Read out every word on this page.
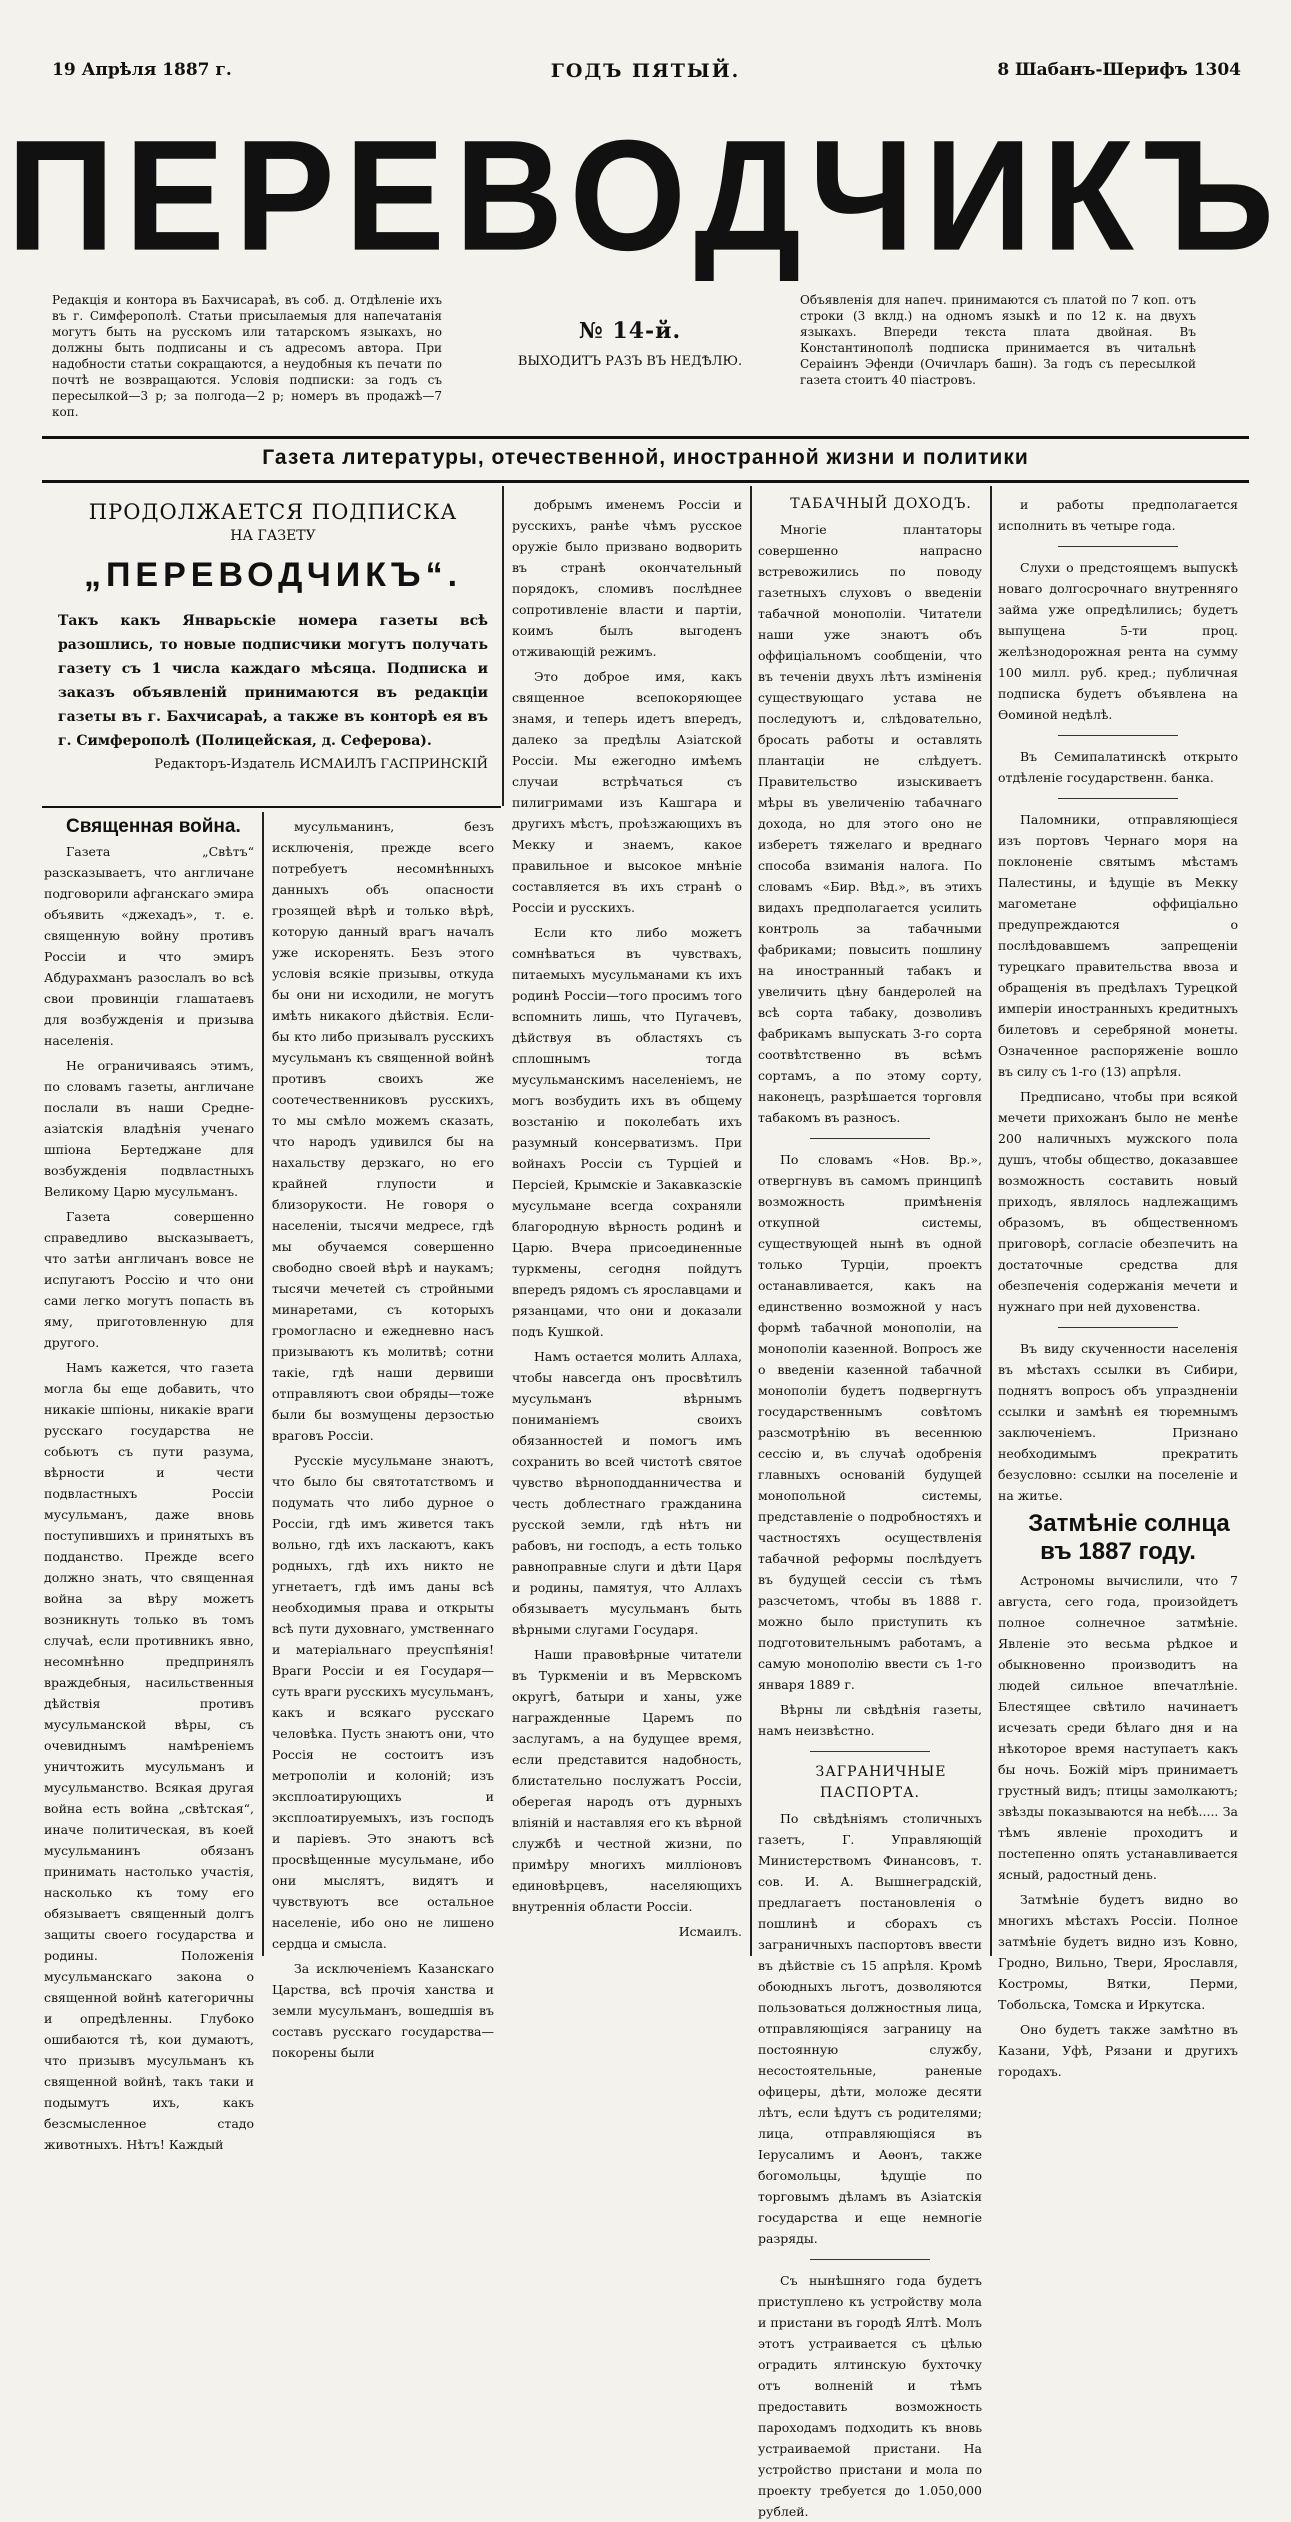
19 Апрѣля 1887 г.	ГОДЪ ПЯТЫЙ.	8 Шабанъ-Шерифъ 1304
ПЕРЕВОДЧИКЪ
Редакція и контора въ Бахчисараѣ, въ соб. д. Отдѣленіе ихъ въ г. Симферополѣ. Статьи присылаемыя для напечатанія могутъ быть на русскомъ или татарскомъ языкахъ, но должны быть подписаны и съ адресомъ автора. При надобности статьи сокращаются, а неудобныя къ печати по почтѣ не возвращаются. Условія подписки: за годъ съ пересылкой—3 р; за полгода—2 р; номеръ въ продажѣ—7 коп.
№ 14-й.
ВЫХОДИТЪ РАЗЪ ВЪ НЕДѢЛЮ.
Объявленія для напеч. принимаются съ платой по 7 коп. отъ строки (3 вклд.) на одномъ языкѣ и по 12 к. на двухъ языкахъ. Впереди текста плата двойная. Въ Константинополѣ подписка принимается въ читальнѣ Сераіинъ Эфенди (Очичларъ башн). За годъ съ пересылкой газета стоитъ 40 піастровъ.
Газета литературы, отечественной, иностранной жизни и политики
ПРОДОЛЖАЕТСЯ ПОДПИСКА
НА ГАЗЕТУ
„ПЕРЕВОДЧИКЪ“.
Такъ какъ Январьскіе номера газеты всѣ разошлись, то новые подписчики могутъ получать газету съ 1 числа каждаго мѣсяца. Подписка и заказъ объявленій принимаются въ редакціи газеты въ г. Бахчисараѣ, а также въ конторѣ ея въ г. Симферополѣ (Полицейская, д. Сеферова).
Редакторъ-Издатель ИСМАИЛЪ ГАСПРИНСКІЙ

Священная война.

Газета „Свѣтъ“ разсказываетъ, что англичане подговорили афганскаго эмира объявить «джехадъ», т. е. священную войну противъ Россіи и что эмиръ Абдурахманъ разослалъ во всѣ свои провинціи глашатаевъ для возбужденія и призыва населенія.

Не ограничиваясь этимъ, по словамъ газеты, англичане послали въ наши Средне-азіатскія владѣнія ученаго шпіона Бертеджане для возбужденія подвластныхъ Великому Царю мусульманъ.

Газета совершенно справедливо высказываетъ, что затѣи англичанъ вовсе не испугаютъ Россію и что они сами легко могутъ попасть въ яму, приготовленную для другого.

Намъ кажется, что газета могла бы еще добавить, что никакіе шпіоны, никакіе враги русскаго государства не собьютъ съ пути разума, вѣрности и чести подвластныхъ Россіи мусульманъ, даже вновь поступившихъ и принятыхъ въ подданство. Прежде всего должно знать, что священная война за вѣру можетъ возникнуть только въ томъ случаѣ, если противникъ явно, несомнѣнно предпринялъ враждебныя, насильственныя дѣйствія противъ мусульманской вѣры, съ очевиднымъ намѣреніемъ уничтожить мусульманъ и мусульманство. Всякая другая война есть война „свѣтская“, иначе политическая, въ коей мусульманинъ обязанъ принимать настолько участія, насколько къ тому его обязываетъ священный долгъ защиты своего государства и родины. Положенія мусульманскаго закона о священной войнѣ категоричны и опредѣленны. Глубоко ошибаются тѣ, кои думаютъ, что призывъ мусульманъ къ священной войнѣ, такъ таки и подымутъ ихъ, какъ безсмысленное стадо животныхъ. Нѣтъ! Каждый

мусульманинъ, безъ исключенія, прежде всего потребуетъ несомнѣнныхъ данныхъ объ опасности грозящей вѣрѣ и только вѣрѣ, которую данный врагъ началъ уже искоренять. Безъ этого условія всякіе призывы, откуда бы они ни исходили, не могутъ имѣть никакого дѣйствія. Если-бы кто либо призывалъ русскихъ мусульманъ къ священной войнѣ противъ своихъ же соотечественниковъ русскихъ, то мы смѣло можемъ сказать, что народъ удивился бы на нахальству дерзкаго, но его крайней глупости и близорукости. Не говоря о населеніи, тысячи медресе, гдѣ мы обучаемся совершенно свободно своей вѣрѣ и наукамъ; тысячи мечетей съ стройными минаретами, съ которыхъ громогласно и ежедневно насъ призываютъ къ молитвѣ; сотни такіе, гдѣ наши дервиши отправляютъ свои обряды—тоже были бы возмущены дерзостью враговъ Россіи.

Русскіе мусульмане знаютъ, что было бы святотатствомъ и подумать что либо дурное о Россіи, гдѣ имъ живется такъ вольно, гдѣ ихъ ласкаютъ, какъ родныхъ, гдѣ ихъ никто не угнетаетъ, гдѣ имъ даны всѣ необходимыя права и открыты всѣ пути духовнаго, умственнаго и матеріальнаго преуспѣянія! Враги Россіи и ея Государя—суть враги русскихъ мусульманъ, какъ и всякаго русскаго человѣка. Пусть знаютъ они, что Россія не состоитъ изъ метрополіи и колоній; изъ эксплоатирующихъ и эксплоатируемыхъ, изъ господъ и паріевъ. Это знаютъ всѣ просвѣщенные мусульмане, ибо они мыслятъ, видятъ и чувствуютъ все остальное населеніе, ибо оно не лишено сердца и смысла.

За исключеніемъ Казанскаго Царства, всѣ прочія ханства и земли мусульманъ, вошедшія въ составъ русскаго государства—покорены были

добрымъ именемъ Россіи и русскихъ, ранѣе чѣмъ русское оружіе было призвано водворить въ странѣ окончательный порядокъ, сломивъ послѣднее сопротивленіе власти и партіи, коимъ былъ выгоденъ отживающій режимъ.

Это доброе имя, какъ священное всепокоряющее знамя, и теперь идетъ впередъ, далеко за предѣлы Азіатской Россіи. Мы ежегодно имѣемъ случаи встрѣчаться съ пилигримами изъ Кашгара и другихъ мѣстъ, проѣзжающихъ въ Мекку и знаемъ, какое правильное и высокое мнѣніе составляется въ ихъ странѣ о Россіи и русскихъ.

Если кто либо можетъ сомнѣваться въ чувствахъ, питаемыхъ мусульманами къ ихъ родинѣ Россіи—того просимъ того вспомнить лишь, что Пугачевъ, дѣйствуя въ областяхъ съ сплошнымъ тогда мусульманскимъ населеніемъ, не могъ возбудить ихъ въ общему возстанію и поколебать ихъ разумный консерватизмъ. При войнахъ Россіи съ Турціей и Персіей, Крымскіе и Закавказскіе мусульмане всегда сохраняли благородную вѣрность родинѣ и Царю. Вчера присоединенные туркмены, сегодня пойдутъ впередъ рядомъ съ ярославцами и рязанцами, что они и доказали подъ Кушкой.

Намъ остается молить Аллаха, чтобы навсегда онъ просвѣтилъ мусульманъ вѣрнымъ пониманіемъ своихъ обязанностей и помогъ имъ сохранить во всей чистотѣ святое чувство вѣрноподданничества и честь доблестнаго гражданина русской земли, гдѣ нѣтъ ни рабовъ, ни господъ, а есть только равноправные слуги и дѣти Царя и родины, памятуя, что Аллахъ обязываетъ мусульманъ быть вѣрными слугами Государя.

Наши правовѣрные читатели въ Туркменіи и въ Мервскомъ округѣ, батыри и ханы, уже награжденные Царемъ по заслугамъ, а на будущее время, если представится надобность, блистательно послужатъ Россіи, оберегая народъ отъ дурныхъ вліяній и наставляя его къ вѣрной службѣ и честной жизни, по примѣру многихъ милліоновъ единовѣрцевъ, населяющихъ внутреннія области Россіи.

Исмаилъ.

ТАБАЧНЫЙ ДОХОДЪ.

Многіе плантаторы совершенно напрасно встревожились по поводу газетныхъ слуховъ о введеніи табачной монополіи. Читатели наши уже знаютъ объ оффиціальномъ сообщеніи, что въ теченіи двухъ лѣтъ изміненія существующаго устава не последуютъ и, слѣдовательно, бросать работы и оставлять плантаціи не слѣдуетъ. Правительство изыскиваетъ мѣры въ увеличенію табачнаго дохода, но для этого оно не изберетъ тяжелаго и вреднаго способа взиманія налога. По словамъ «Бир. Вѣд.», въ этихъ видахъ предполагается усилить контроль за табачными фабриками; повысить пошлину на иностранный табакъ и увеличить цѣну бандеролей на всѣ сорта табаку, дозволивъ фабрикамъ выпускать 3-го сорта соотвѣтственно въ всѣмъ сортамъ, а по этому сорту, наконецъ, разрѣшается торговля табакомъ въ разносъ.

По словамъ «Нов. Вр.», отвергнувъ въ самомъ принципѣ возможность примѣненія откупной системы, существующей нынѣ въ одной только Турціи, проектъ останавливается, какъ на единственно возможной у насъ формѣ табачной монополіи, на монополіи казенной. Вопросъ же о введеніи казенной табачной монополіи будетъ подвергнутъ государственнымъ совѣтомъ разсмотрѣнію въ весеннюю сессію и, въ случаѣ одобренія главныхъ основаній будущей монопольной системы, представленіе о подробностяхъ и частностяхъ осуществленія табачной реформы послѣдуетъ въ будущей сессіи съ тѣмъ разсчетомъ, чтобы въ 1888 г. можно было приступить къ подготовительнымъ работамъ, а самую монополію ввести съ 1-го января 1889 г.

Вѣрны ли свѣдѣнія газеты, намъ неизвѣстно.

ЗАГРАНИЧНЫЕ ПАСПОРТА.

По свѣдѣніямъ столичныхъ газетъ, Г. Управляющій Министерствомъ Финансовъ, т. сов. И. А. Вышнеградскій, предлагаетъ постановленія о пошлинѣ и сборахъ съ заграничныхъ паспортовъ ввести въ дѣйствіе съ 15 апрѣля. Кромѣ обоюдныхъ льготъ, дозволяются пользоваться должностныя лица, отправляющіяся заграницу на постоянную службу, несостоятельные, раненые офицеры, дѣти, моложе десяти лѣтъ, если ѣдутъ съ родителями; лица, отправляющіяся въ Іерусалимъ и Аѳонъ, также богомольцы, ѣдущіе по торговымъ дѣламъ въ Азіатскія государства и еще немногіе разряды.

Съ нынѣшняго года будетъ приступлено къ устройству мола и пристани въ городѣ Ялтѣ. Молъ этотъ устраивается съ цѣлью оградить ялтинскую бухточку отъ волненій и тѣмъ предоставить возможность пароходамъ подходить къ вновь устраиваемой пристани. На устройство пристани и мола по проекту требуется до 1.050,000 рублей.

и работы предполагается исполнить въ четыре года.

Слухи о предстоящемъ выпускѣ новаго долгосрочнаго внутренняго займа уже опредѣлились; будетъ выпущена 5-ти проц. желѣзнодорожная рента на сумму 100 милл. руб. кред.; публичная подписка будетъ объявлена на Ѳоминой недѣлѣ.

Въ Семипалатинскѣ открыто отдѣленіе государственн. банка.

Паломники, отправляющіеся изъ портовъ Чернаго моря на поклоненіе святымъ мѣстамъ Палестины, и ѣдущіе въ Мекку магометане оффиціально предупреждаются о послѣдовавшемъ запрещеніи турецкаго правительства ввоза и обращенія въ предѣлахъ Турецкой имперіи иностранныхъ кредитныхъ билетовъ и серебряной монеты. Означенное распоряженіе вошло въ силу съ 1-го (13) апрѣля.

Предписано, чтобы при всякой мечети прихожанъ было не менѣе 200 наличныхъ мужского пола душъ, чтобы общество, доказавшее возможность составить новый приходъ, являлось надлежащимъ образомъ, въ общественномъ приговорѣ, согласіе обезпечить на достаточные средства для обезпеченія содержанія мечети и нужнаго при ней духовенства.

Въ виду скученности населенія въ мѣстахъ ссылки въ Сибири, поднятъ вопросъ объ упраздненіи ссылки и замѣнѣ ея тюремнымъ заключеніемъ. Признано необходимымъ прекратить безусловно: ссылки на поселеніе и на житье.

Затмѣніе солнца въ 1887 году.

Астрономы вычислили, что 7 августа, сего года, произойдетъ полное солнечное затмѣніе. Явленіе это весьма рѣдкое и обыкновенно производитъ на людей сильное впечатлѣніе. Блестящее свѣтило начинаетъ исчезать среди бѣлаго дня и на нѣкоторое время наступаетъ какъ бы ночь. Божій міръ принимаетъ грустный видъ; птицы замолкаютъ; звѣзды показываются на небѣ..... За тѣмъ явленіе проходитъ и постепенно опять устанавливается ясный, радостный день.

Затмѣніе будетъ видно во многихъ мѣстахъ Россіи. Полное затмѣніе будетъ видно изъ Ковно, Гродно, Вильно, Твери, Ярославля, Костромы, Вятки, Перми, Тобольска, Томска и Иркутска.

Оно будетъ также замѣтно въ Казани, Уфѣ, Рязани и другихъ городахъ.
